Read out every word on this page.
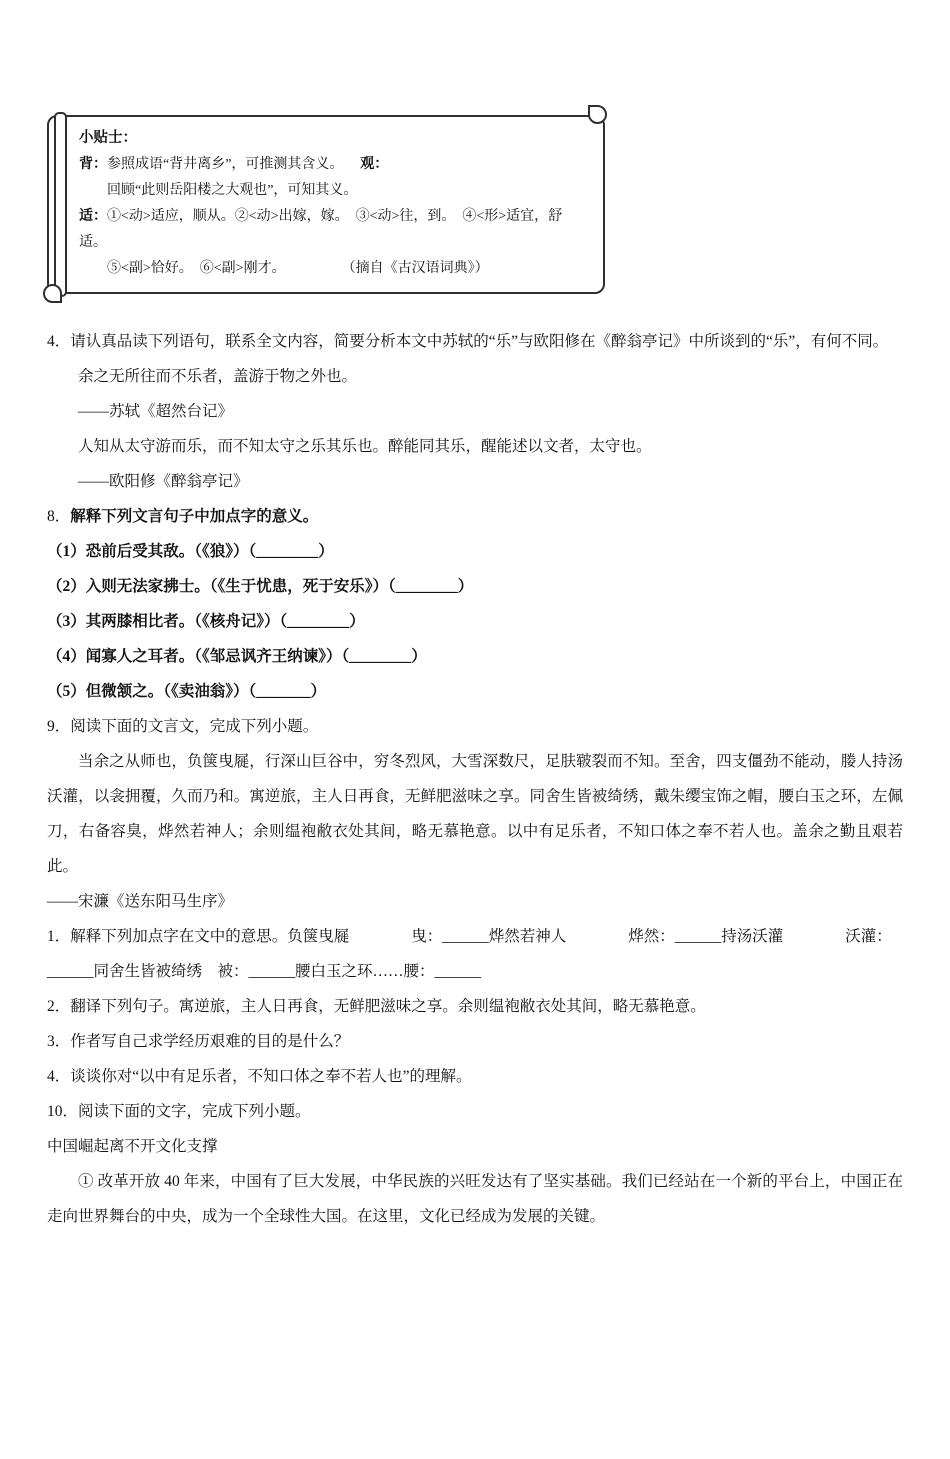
小贴士：
背：参照成语“背井离乡”，可推测其含义。 观：
回顾“此则岳阳楼之大观也”，可知其义。
适：①<动>适应，顺从。②<动>出嫁，嫁。　③<动>往，到。　④<形>适宜，舒适。
⑤<副>恰好。　⑥<副>刚才。	（摘自《古汉语词典》）

4．请认真品读下列语句，联系全文内容，简要分析本文中苏轼的“乐”与欧阳修在《醉翁亭记》中所谈到的“乐”，有何不同。

余之无所往而不乐者，盖游于物之外也。

——苏轼《超然台记》

人知从太守游而乐，而不知太守之乐其乐也。醉能同其乐，醒能述以文者，太守也。

——欧阳修《醉翁亭记》

8．解释下列文言句子中加点字的意义。

（1）恐前后受其敌。（《狼》）（________）

（2）入则无法家拂士。（《生于忧患，死于安乐》）（________）

（3）其两膝相比者。（《核舟记》）（________）

（4）闻寡人之耳者。（《邹忌讽齐王纳谏》）（________）

（5）但微颔之。（《卖油翁》）（_______）

9．阅读下面的文言文，完成下列小题。

当余之从师也，负箧曳屣，行深山巨谷中，穷冬烈风，大雪深数尺，足肤皲裂而不知。至舍，四支僵劲不能动，媵人持汤沃灌，以衾拥覆，久而乃和。寓逆旅，主人日再食，无鲜肥滋味之享。同舍生皆被绮绣，戴朱缨宝饰之帽，腰白玉之环，左佩刀，右备容臭，烨然若神人；余则缊袍敝衣处其间，略无慕艳意。以中有足乐者，不知口体之奉不若人也。盖余之勤且艰若此。

——宋濂《送东阳马生序》

1．解释下列加点字在文中的意思。负箧曳屣　　　　曳：______烨然若神人　　　　烨然：______持汤沃灌　　　　沃灌：______同舍生皆被绮绣　被：______腰白玉之环……腰：______

2．翻译下列句子。寓逆旅，主人日再食，无鲜肥滋味之享。余则缊袍敝衣处其间，略无慕艳意。

3．作者写自己求学经历艰难的目的是什么？

4．谈谈你对“以中有足乐者，不知口体之奉不若人也”的理解。

10．阅读下面的文字，完成下列小题。

中国崛起离不开文化支撑

① 改革开放 40 年来，中国有了巨大发展，中华民族的兴旺发达有了坚实基础。我们已经站在一个新的平台上，中国正在走向世界舞台的中央，成为一个全球性大国。在这里，文化已经成为发展的关键。
